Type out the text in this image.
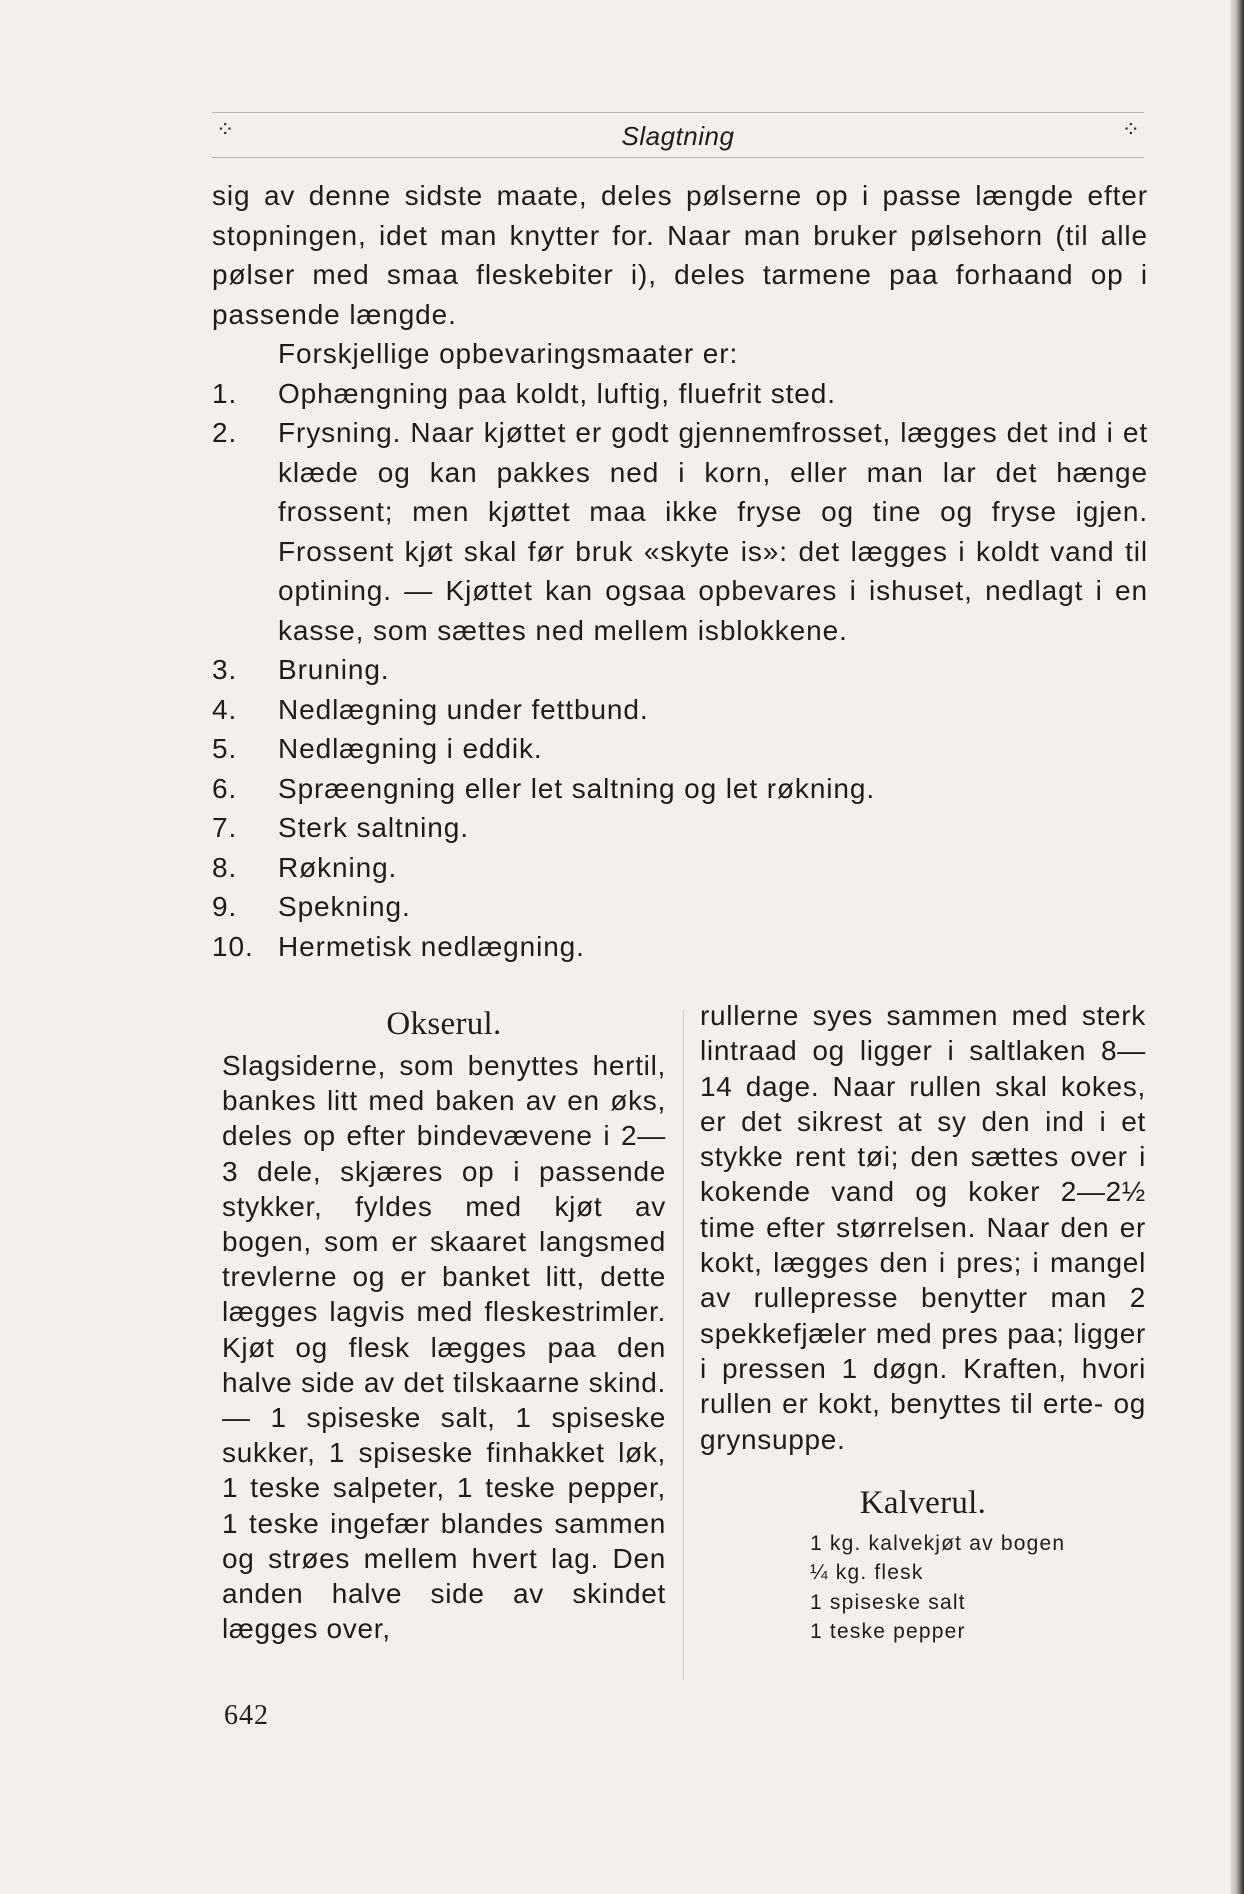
⁘	Slagtning	⁘

sig av denne sidste maate, deles pølserne op i passe længde efter stopningen, idet man knytter for. Naar man bruker pølsehorn (til alle pølser med smaa fleskebiter i), deles tarmene paa forhaand op i passende længde.

Forskjellige opbevaringsmaater er:

1.	Ophængning paa koldt, luftig, fluefrit sted.
2.	Frysning. Naar kjøttet er godt gjennemfrosset, lægges det ind i et klæde og kan pakkes ned i korn, eller man lar det hænge frossent; men kjøttet maa ikke fryse og tine og fryse igjen. Frossent kjøt skal før bruk «skyte is»: det lægges i koldt vand til optining. — Kjøttet kan ogsaa opbevares i ishuset, nedlagt i en kasse, som sættes ned mellem isblokkene.
3.	Bruning.
4.	Nedlægning under fettbund.
5.	Nedlægning i eddik.
6.	Spræengning eller let saltning og let røkning.
7.	Sterk saltning.
8.	Røkning.
9.	Spekning.
10. Hermetisk nedlægning.
Okserul.

Slagsiderne, som benyttes hertil, bankes litt med baken av en øks, deles op efter bindevævene i 2—3 dele, skjæres op i passende stykker, fyldes med kjøt av bogen, som er skaaret langsmed trevlerne og er banket litt, dette lægges lagvis med fleskestrimler. Kjøt og flesk lægges paa den halve side av det tilskaarne skind. — 1 spiseske salt, 1 spiseske sukker, 1 spiseske finhakket løk, 1 teske salpeter, 1 teske pepper, 1 teske ingefær blandes sammen og strøes mellem hvert lag. Den anden halve side av skindet lægges over,

rullerne syes sammen med sterk lintraad og ligger i saltlaken 8—14 dage. Naar rullen skal kokes, er det sikrest at sy den ind i et stykke rent tøi; den sættes over i kokende vand og koker 2—2½ time efter størrelsen. Naar den er kokt, lægges den i pres; i mangel av rullepresse benytter man 2 spekkefjæler med pres paa; ligger i pressen 1 døgn. Kraften, hvori rullen er kokt, benyttes til erte- og grynsuppe.

Kalverul.
1 kg. kalvekjøt av bogen
¼ kg. flesk
1 spiseske salt
1 teske pepper
642
